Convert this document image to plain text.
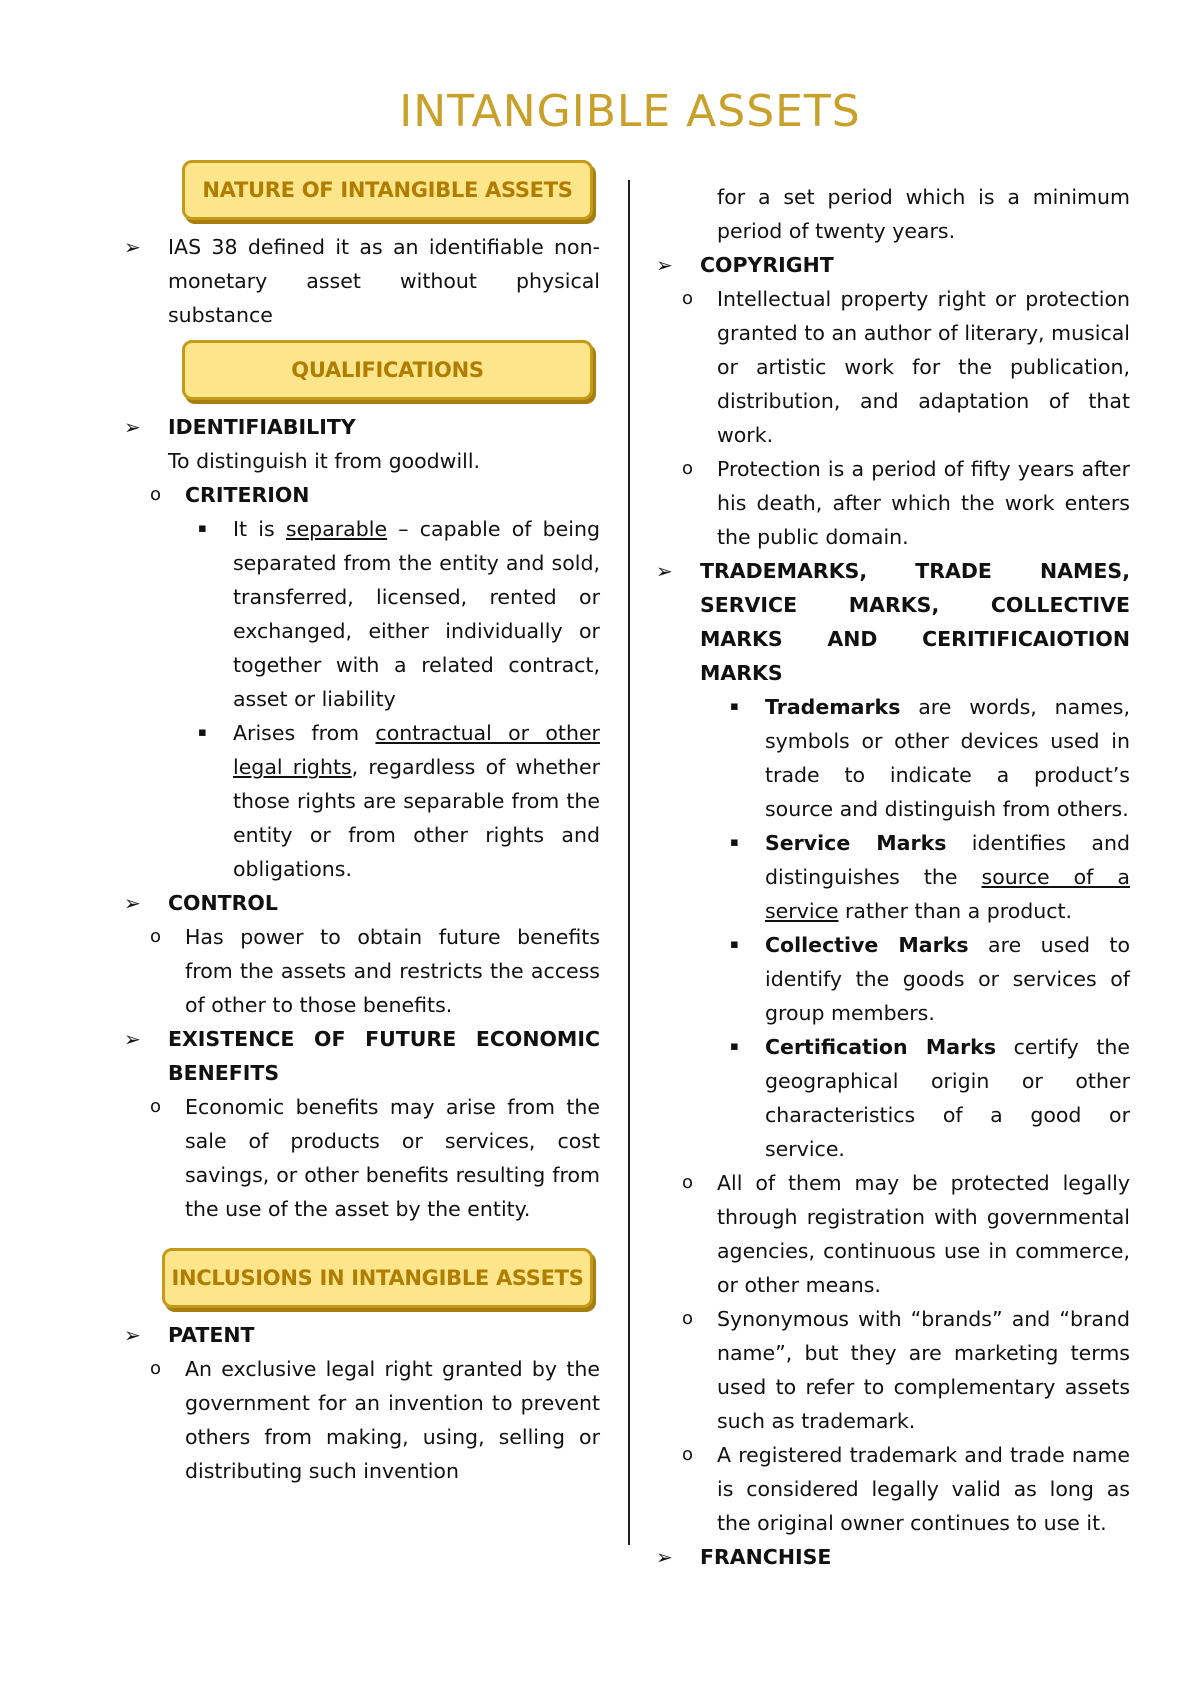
INTANGIBLE ASSETS
NATURE OF INTANGIBLE ASSETS
➢ IAS 38 defined it as an identifiable non-monetary asset without physical substance
QUALIFICATIONS
➢ IDENTIFIABILITY

To distinguish it from goodwill.

o CRITERION
▪ It is separable – capable of being separated from the entity and sold, transferred, licensed, rented or exchanged, either individually or together with a related contract, asset or liability
▪ Arises from contractual or other legal rights, regardless of whether those rights are separable from the entity or from other rights and obligations.
➢ CONTROL
o Has power to obtain future benefits from the assets and restricts the access of other to those benefits.
➢ EXISTENCE OF FUTURE ECONOMIC BENEFITS
o Economic benefits may arise from the sale of products or services, cost savings, or other benefits resulting from the use of the asset by the entity.
INCLUSIONS IN INTANGIBLE ASSETS
➢ PATENT
o An exclusive legal right granted by the government for an invention to prevent others from making, using, selling or distributing such invention

for a set period which is a minimum period of twenty years.

➢ COPYRIGHT
o Intellectual property right or protection granted to an author of literary, musical or artistic work for the publication, distribution, and adaptation of that work.
o Protection is a period of fifty years after his death, after which the work enters the public domain.
➢ TRADEMARKS, TRADE NAMES, SERVICE MARKS, COLLECTIVE MARKS AND CERITIFICAIOTION MARKS
▪ Trademarks are words, names, symbols or other devices used in trade to indicate a product’s source and distinguish from others.
▪ Service Marks identifies and distinguishes the source of a service rather than a product.
▪ Collective Marks are used to identify the goods or services of group members.
▪ Certification Marks certify the geographical origin or other characteristics of a good or service.
o All of them may be protected legally through registration with governmental agencies, continuous use in commerce, or other means.
o Synonymous with “brands” and “brand name”, but they are marketing terms used to refer to complementary assets such as trademark.
o A registered trademark and trade name is considered legally valid as long as the original owner continues to use it.
➢ FRANCHISE
